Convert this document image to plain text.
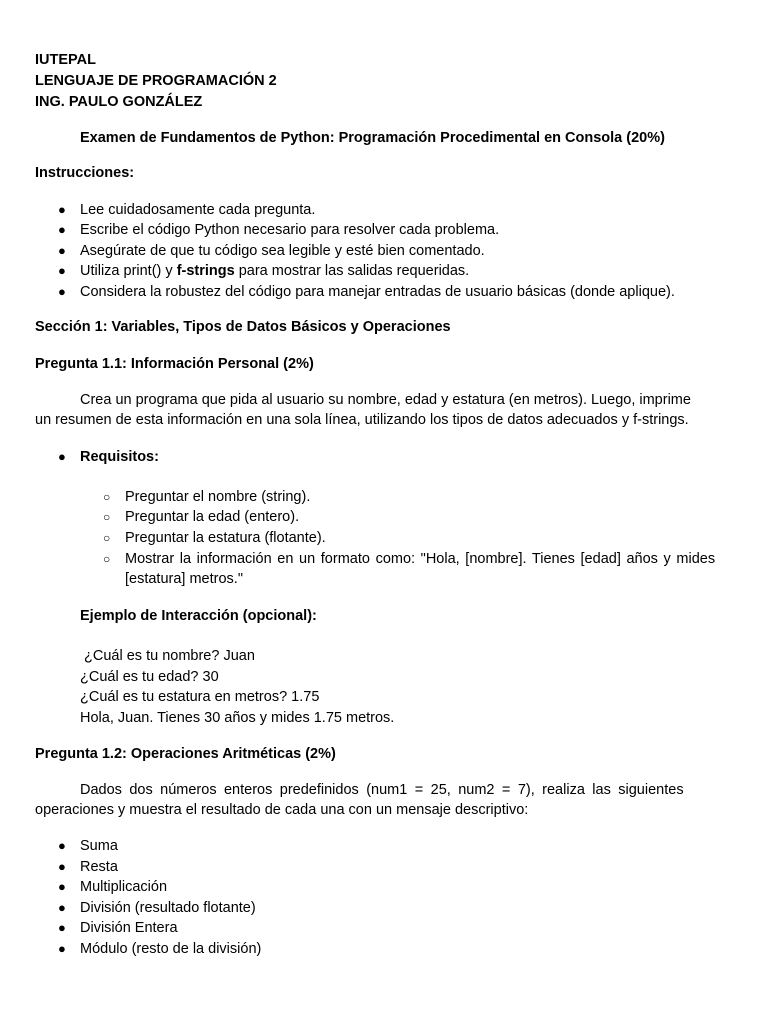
IUTEPAL
LENGUAJE DE PROGRAMACIÓN 2
ING. PAULO GONZÁLEZ
Examen de Fundamentos de Python: Programación Procedimental en Consola (20%)
Instrucciones:
● Lee cuidadosamente cada pregunta.
● Escribe el código Python necesario para resolver cada problema.
● Asegúrate de que tu código sea legible y esté bien comentado.
● Utiliza print() y f-strings para mostrar las salidas requeridas.
● Considera la robustez del código para manejar entradas de usuario básicas (donde aplique).
Sección 1: Variables, Tipos de Datos Básicos y Operaciones
Pregunta 1.1: Información Personal (2%)
Crea un programa que pida al usuario su nombre, edad y estatura (en metros). Luego, imprime
un resumen de esta información en una sola línea, utilizando los tipos de datos adecuados y f-strings.
● Requisitos:
○ Preguntar el nombre (string).
○ Preguntar la edad (entero).
○ Preguntar la estatura (flotante).
○ Mostrar la información en un formato como: "Hola, [nombre]. Tienes [edad] años y mides
[estatura] metros."
Ejemplo de Interacción (opcional):
¿Cuál es tu nombre? Juan
¿Cuál es tu edad? 30
¿Cuál es tu estatura en metros? 1.75
Hola, Juan. Tienes 30 años y mides 1.75 metros.
Pregunta 1.2: Operaciones Aritméticas (2%)
Dados dos números enteros predefinidos (num1 = 25, num2 = 7), realiza las siguientes
operaciones y muestra el resultado de cada una con un mensaje descriptivo:
● Suma
● Resta
● Multiplicación
● División (resultado flotante)
● División Entera
● Módulo (resto de la división)
